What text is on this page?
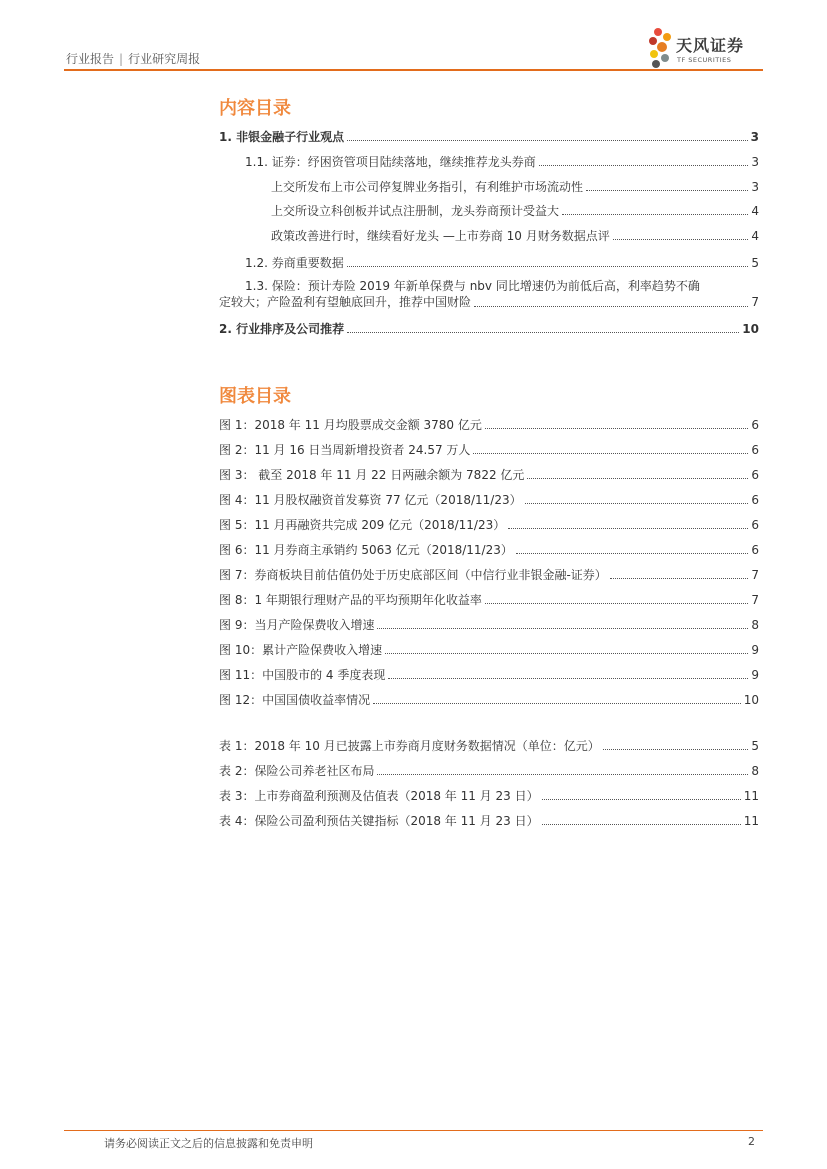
行业报告 | 行业研究周报
天风证券
TF SECURITIES
内容目录
1. 非银金融子行业观点	3
1.1. 证券：纾困资管项目陆续落地，继续推荐龙头券商	3
上交所发布上市公司停复牌业务指引，有利维护市场流动性	3
上交所设立科创板并试点注册制，龙头券商预计受益大	4
政策改善进行时，继续看好龙头 —上市券商 10 月财务数据点评	4
1.2. 券商重要数据	5
1.3. 保险：预计寿险 2019 年新单保费与 nbv 同比增速仍为前低后高，利率趋势不确
定较大；产险盈利有望触底回升，推荐中国财险	7
2. 行业排序及公司推荐	10
图表目录
图 1：2018 年 11 月均股票成交金额 3780 亿元	6
图 2：11 月 16 日当周新增投资者 24.57 万人	6
图 3： 截至 2018 年 11 月 22 日两融余额为 7822 亿元	6
图 4：11 月股权融资首发募资 77 亿元（2018/11/23）	6
图 5：11 月再融资共完成 209 亿元（2018/11/23）	6
图 6：11 月券商主承销约 5063 亿元（2018/11/23）	6
图 7：券商板块目前估值仍处于历史底部区间（中信行业非银金融-证券）	7
图 8：1 年期银行理财产品的平均预期年化收益率	7
图 9：当月产险保费收入增速	8
图 10：累计产险保费收入增速	9
图 11：中国股市的 4 季度表现	9
图 12：中国国债收益率情况	10
表 1：2018 年 10 月已披露上市券商月度财务数据情况（单位：亿元）	5
表 2：保险公司养老社区布局	8
表 3：上市券商盈利预测及估值表（2018 年 11 月 23 日）	11
表 4：保险公司盈利预估关键指标（2018 年 11 月 23 日）	11
请务必阅读正文之后的信息披露和免责申明	2
